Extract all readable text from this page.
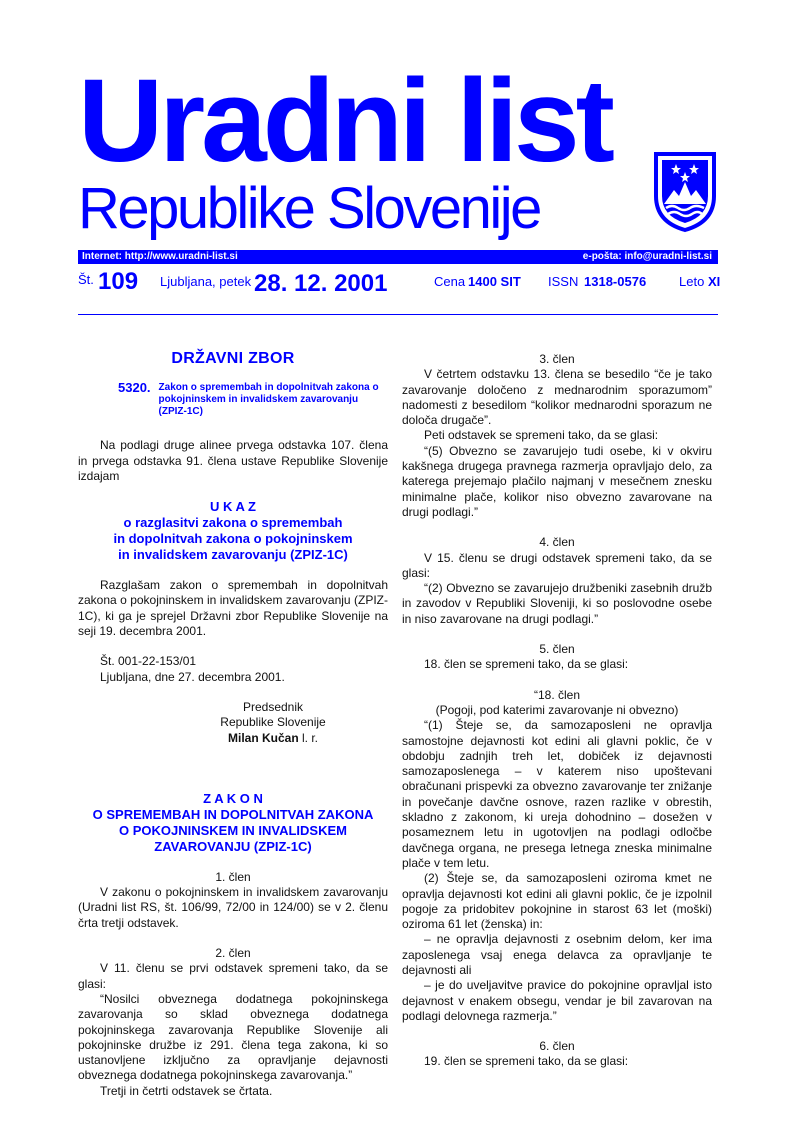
Uradni list
Republike Slovenije
Internet: http://www.uradni-list.si	e-pošta: info@uradni-list.si
Št. 109 Ljubljana, petek 28. 12. 2001	Cena 1400 SIT ISSN 1318-0576	Leto XI
DRŽAVNI ZBOR
5320. Zakon o spremembah in dopolnitvah zakona o pokojninskem in invalidskem zavarovanju (ZPIZ-1C)

Na podlagi druge alinee prvega odstavka 107. člena in prvega odstavka 91. člena ustave Republike Slovenije izdajam

U K A Z
o razglasitvi zakona o spremembah
in dopolnitvah zakona o pokojninskem
in invalidskem zavarovanju (ZPIZ-1C)

Razglašam zakon o spremembah in dopolnitvah zakona o pokojninskem in invalidskem zavarovanju (ZPIZ-1C), ki ga je sprejel Državni zbor Republike Slovenije na seji 19. decembra 2001.

Št. 001-22-153/01

Ljubljana, dne 27. decembra 2001.

Predsednik
Republike Slovenije
Milan Kučan l. r.
Z A K O N
O SPREMEMBAH IN DOPOLNITVAH ZAKONA
O POKOJNINSKEM IN INVALIDSKEM
ZAVAROVANJU (ZPIZ-1C)

1. člen

V zakonu o pokojninskem in invalidskem zavarovanju (Uradni list RS, št. 106/99, 72/00 in 124/00) se v 2. členu črta tretji odstavek.

2. člen

V 11. členu se prvi odstavek spremeni tako, da se glasi:

“Nosilci obveznega dodatnega pokojninskega zavarovanja so sklad obveznega dodatnega pokojninskega zavarovanja Republike Slovenije ali pokojninske družbe iz 291. člena tega zakona, ki so ustanovljene izključno za opravljanje dejavnosti obveznega dodatnega pokojninskega zavarovanja.”

Tretji in četrti odstavek se črtata.

3. člen

V četrtem odstavku 13. člena se besedilo “če je tako zavarovanje določeno z mednarodnim sporazumom” nadomesti z besedilom “kolikor mednarodni sporazum ne določa drugače”.

Peti odstavek se spremeni tako, da se glasi:

“(5) Obvezno se zavarujejo tudi osebe, ki v okviru kakšnega drugega pravnega razmerja opravljajo delo, za katerega prejemajo plačilo najmanj v mesečnem znesku minimalne plače, kolikor niso obvezno zavarovane na drugi podlagi.”

4. člen

V 15. členu se drugi odstavek spremeni tako, da se glasi:

“(2) Obvezno se zavarujejo družbeniki zasebnih družb in zavodov v Republiki Sloveniji, ki so poslovodne osebe in niso zavarovane na drugi podlagi.”

5. člen

18. člen se spremeni tako, da se glasi:

“18. člen

(Pogoji, pod katerimi zavarovanje ni obvezno)

“(1) Šteje se, da samozaposleni ne opravlja samostojne dejavnosti kot edini ali glavni poklic, če v obdobju zadnjih treh let, dobiček iz dejavnosti samozaposlenega – v katerem niso upoštevani obračunani prispevki za obvezno zavarovanje ter znižanje in povečanje davčne osnove, razen razlike v obrestih, skladno z zakonom, ki ureja dohodnino – dosežen v posameznem letu in ugotovljen na podlagi odločbe davčnega organa, ne presega letnega zneska minimalne plače v tem letu.

(2) Šteje se, da samozaposleni oziroma kmet ne opravlja dejavnosti kot edini ali glavni poklic, če je izpolnil pogoje za pridobitev pokojnine in starost 63 let (moški) oziroma 61 let (ženska) in:

– ne opravlja dejavnosti z osebnim delom, ker ima zaposlenega vsaj enega delavca za opravljanje te dejavnosti ali

– je do uveljavitve pravice do pokojnine opravljal isto dejavnost v enakem obsegu, vendar je bil zavarovan na podlagi delovnega razmerja.”

6. člen

19. člen se spremeni tako, da se glasi:
